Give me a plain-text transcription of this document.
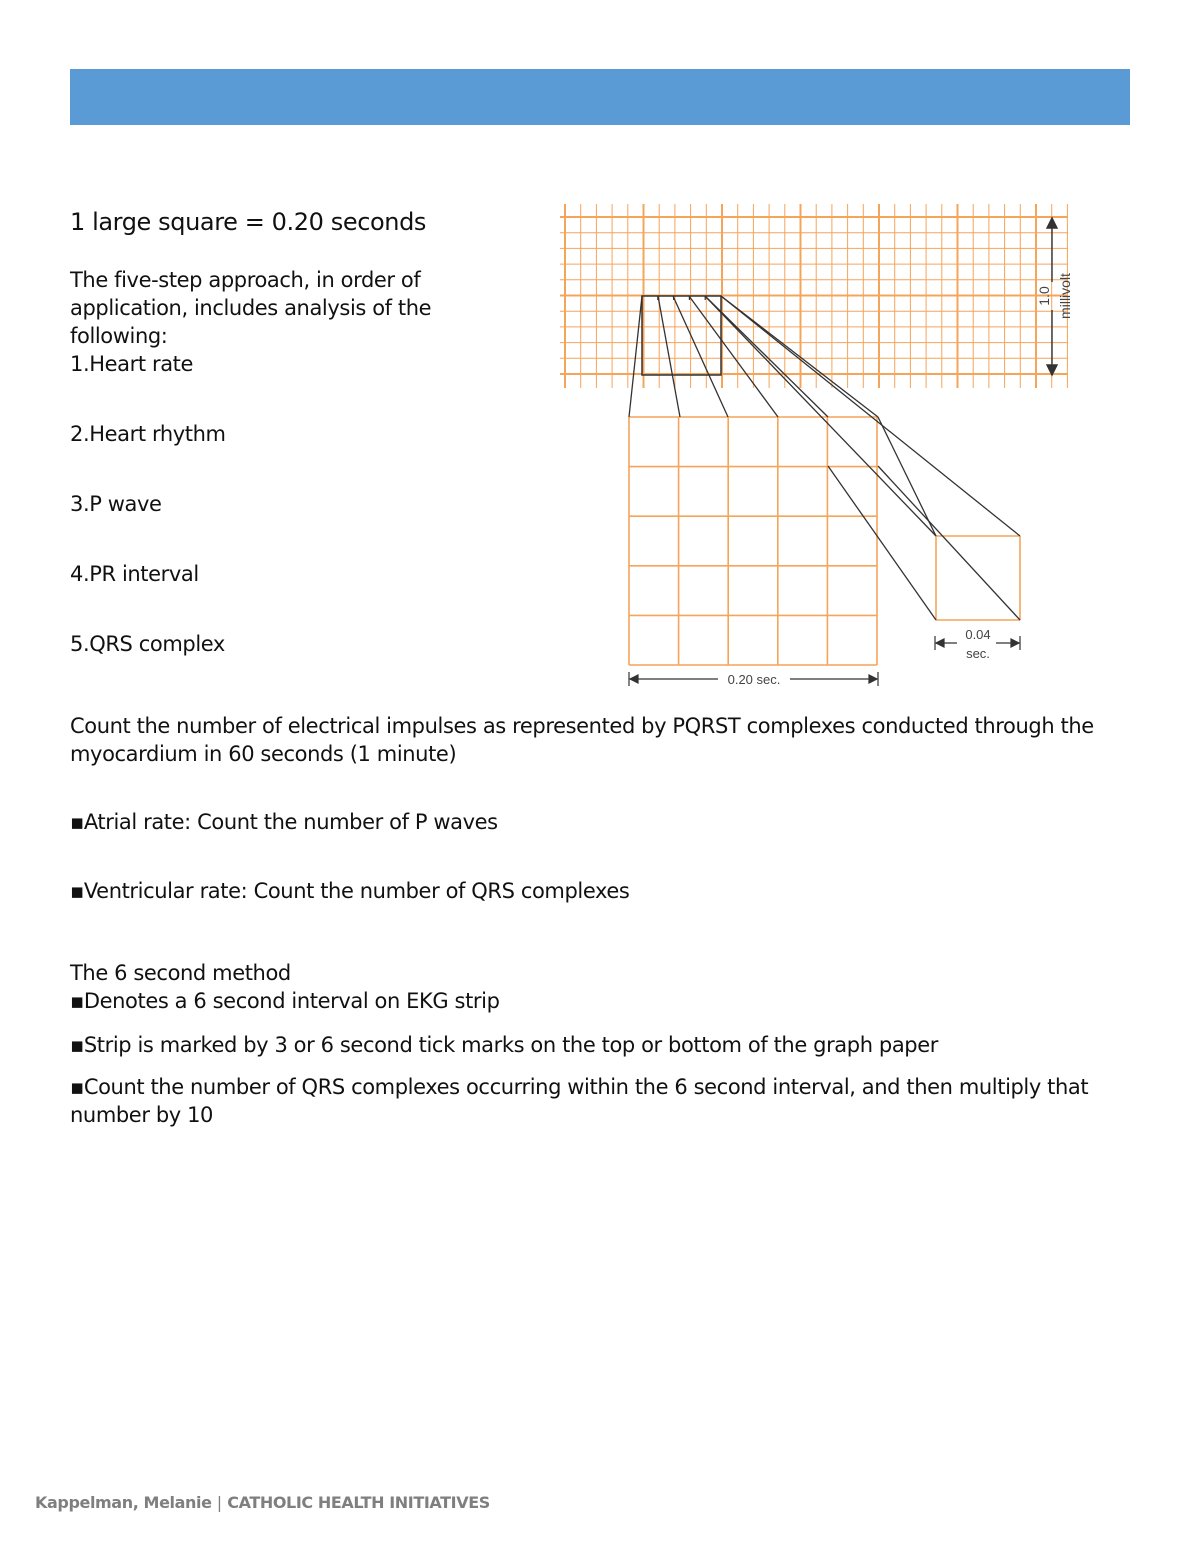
1 large square = 0.20 seconds
The five-step approach, in order of
application, includes analysis of the
following:
1.Heart rate
2.Heart rhythm
3.P wave
4.PR interval
5.QRS complex
1.0 millivolt
0.04
sec.
0.20 sec.
Count the number of electrical impulses as represented by PQRST complexes conducted through the
myocardium in 60 seconds (1 minute)
▪Atrial rate: Count the number of P waves
▪Ventricular rate: Count the number of QRS complexes
The 6 second method
▪Denotes a 6 second interval on EKG strip
▪Strip is marked by 3 or 6 second tick marks on the top or bottom of the graph paper
▪Count the number of QRS complexes occurring within the 6 second interval, and then multiply that
number by 10
Kappelman, Melanie | CATHOLIC HEALTH INITIATIVES
